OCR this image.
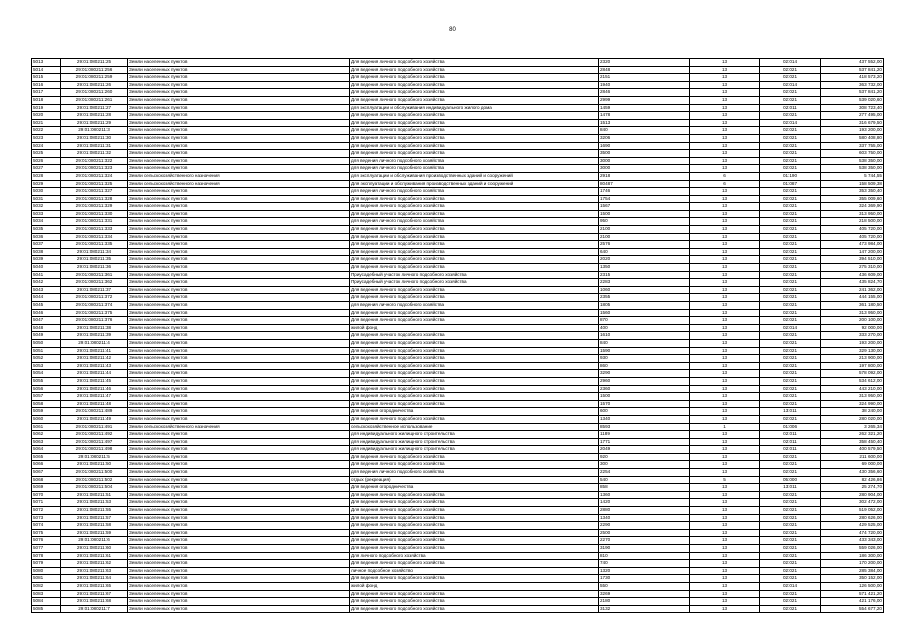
80
5013	29:01:080211:25	Земли населенных пунктов	Для ведения личного подсобного хозяйства	2320	13	02:014	437 552,00
5014	29:01:080211:256	Земли населенных пунктов	Для ведения личного подсобного хозяйства	2848	13	02:021	537 841,20
5015	29:01:080211:259	Земли населенных пунктов	Для ведения личного подсобного хозяйства	2151	13	02:021	418 573,20
5016	29:01:080211:26	Земли населенных пунктов	Для ведения личного подсобного хозяйства	1940	13	02:014	363 732,00
5017	29:01:080211:260	Земли населенных пунктов	Для ведения личного подсобного хозяйства	2846	13	02:021	537 841,20
5018	29:01:080211:261	Земли населенных пунктов	Для ведения личного подсобного хозяйства	2999	13	02:021	539 020,60
5019	29:01:080211:27	Земли населенных пунктов	для эксплуатации и обслуживания индивидуального жилого дома	1459	13	02:011	308 723,40
5020	29:01:080211:28	Земли населенных пунктов	Для ведения личного подсобного хозяйства	1478	13	02:021	277 495,00
5021	29:01:080211:29	Земли населенных пунктов	Для ведения личного подсобного хозяйства	1513	13	02:014	316 679,50
5022	29:01:080211:3	Земли населенных пунктов	Для ведения личного подсобного хозяйства	840	13	02:021	193 200,00
5023	29:01:080211:30	Земли населенных пунктов	Для ведения личного подсобного хозяйства	3206	13	02:021	580 408,80
5024	29:01:080211:31	Земли населенных пунктов	Для ведения личного подсобного хозяйства	1690	13	02:021	337 755,00
5025	29:01:080211:32	Земли населенных пунктов	Для ведения личного подсобного хозяйства	3500	13	02:021	603 750,00
5026	29:01:080211:322	Земли населенных пунктов	для ведения личного подсобного хозяйства	3000	13	02:021	538 350,00
5027	29:01:080211:323	Земли населенных пунктов	для ведения личного подсобного хозяйства	3000	13	02:021	538 350,00
5028	29:01:080211:324	Земли сельскохозяйственного назначения	для эксплуатации и обслуживания производственных зданий и сооружений	2918	6	01:190	5 744,55
5029	29:01:080211:325	Земли сельскохозяйственного назначения	Для эксплуатации и обслуживания производственных зданий и сооружений	80487	6	01:087	158 509,38
5030	29:01:080211:327	Земли населенных пунктов	для ведения личного подсобного хозяйства	1746	13	02:021	353 350,40
5031	29:01:080211:328	Земли населенных пунктов	Для ведения личного подсобного хозяйства	1754	13	02:021	355 009,60
5032	29:01:080211:329	Земли населенных пунктов	Для ведения личного подсобного хозяйства	1567	13	02:021	324 369,90
5033	29:01:080211:330	Земли населенных пунктов	Для ведения личного подсобного хозяйства	1500	13	02:021	313 950,00
5034	29:01:080211:331	Земли населенных пунктов	для ведения личного подсобного хозяйства	950	13	02:021	218 500,00
5035	29:01:080211:333	Земли населенных пунктов	Для ведения личного подсобного хозяйства	2100	13	02:021	405 720,00
5036	29:01:080211:334	Земли населенных пунктов	Для ведения личного подсобного хозяйства	2100	13	02:021	405 720,00
5037	29:01:080211:335	Земли населенных пунктов	Для ведения личного подсобного хозяйства	2576	13	02:021	473 984,00
5038	29:01:080211:34	Земли населенных пунктов	Для ведения личного подсобного хозяйства	640	13	02:021	147 200,00
5039	29:01:080211:35	Земли населенных пунктов	Для ведения личного подсобного хозяйства	2020	13	02:021	394 510,00
5040	29:01:080211:36	Земли населенных пунктов	Для ведения личного подсобного хозяйства	1350	13	02:021	275 310,00
5041	29:01:080211:361	Земли населенных пунктов	Приусадебный участок личного подсобного хозяйства	2315	13	02:021	436 609,00
5042	29:01:080211:362	Земли населенных пунктов	Приусадебный участок личного подсобного хозяйства	2283	13	02:021	435 824,70
5043	29:01:080211:37	Земли населенных пунктов	Для ведения личного подсобного хозяйства	1060	13	02:021	241 362,00
5044	29:01:080211:372	Земли населенных пунктов	Для ведения личного подсобного хозяйства	2355	13	02:021	444 155,00
5045	29:01:080211:374	Земли населенных пунктов	для ведения личного подсобного хозяйства	1805	13	02:021	361 180,50
5046	29:01:080211:375	Земли населенных пунктов	Для ведения личного подсобного хозяйства	1560	13	02:021	313 950,00
5047	29:01:080211:376	Земли населенных пунктов	Для ведения личного подсобного хозяйства	870	13	02:021	200 100,00
5048	29:01:080211:38	Земли населенных пунктов	жилой фонд	400	13	02:014	92 000,00
5049	29:01:080211:39	Земли населенных пунктов	Для ведения личного подсобного хозяйства	1610	13	02:021	333 270,00
5050	29:01:080211:4	Земли населенных пунктов	Для ведения личного подсобного хозяйства	840	13	02:021	193 200,00
5051	29:01:080211:41	Земли населенных пунктов	Для ведения личного подсобного хозяйства	1590	13	02:021	329 130,00
5052	29:01:080211:42	Земли населенных пунктов	Для ведения личного подсобного хозяйства	930	13	02:021	213 900,00
5053	29:01:080211:43	Земли населенных пунктов	Для ведения личного подсобного хозяйства	860	13	02:021	197 800,00
5054	29:01:080211:44	Земли населенных пунктов	Для ведения личного подсобного хозяйства	3290	13	02:021	578 092,00
5055	29:01:080211:45	Земли населенных пунктов	Для ведения личного подсобного хозяйства	2960	13	02:021	534 612,00
5056	29:01:080211:46	Земли населенных пунктов	Для ведения личного подсобного хозяйства	2360	13	02:021	443 210,00
5057	29:01:080211:47	Земли населенных пунктов	Для ведения личного подсобного хозяйства	1500	13	02:021	313 950,00
5058	29:01:080211:48	Земли населенных пунктов	Для ведения личного подсобного хозяйства	1570	13	02:021	324 990,00
5059	29:01:080211:489	Земли населенных пунктов	Для ведения огородничества	600	13	13:011	38 240,00
5060	29:01:080211:49	Земли населенных пунктов	Для ведения личного подсобного хозяйства	1340	13	02:021	280 020,00
5061	29:01:080211:491	Земли сельскохозяйственного назначения	сельскохозяйственное использование	8593	1	01:006	3 265,34
5062	29:01:080211:492	Земли населенных пунктов	для индивидуального жилищного строительства	1189	13	02:011	262 321,20
5063	29:01:080211:497	Земли населенных пунктов	для индивидуального жилищного строительства	1771	13	02:011	358 450,40
5064	29:01:080211:498	Земли населенных пунктов	для индивидуального жилищного строительства	2049	13	02:011	400 579,50
5065	29:01:080211:5	Земли населенных пунктов	Для ведения личного подсобного хозяйства	920	13	02:021	211 600,00
5066	29:01:080211:50	Земли населенных пунктов	Для ведения личного подсобного хозяйства	300	13	02:021	69 000,00
5067	29:01:080211:500	Земли населенных пунктов	для ведения личного подсобного хозяйства	2254	13	02:021	430 356,60
5068	29:01:080211:502	Земли населенных пунктов	отдых (рекреация)	540	5	05:000	82 426,86
5069	29:01:080211:504	Земли населенных пунктов	Для ведения огородничества	858	13	13:011	25 274,70
5070	29:01:080211:51	Земли населенных пунктов	Для ведения личного подсобного хозяйства	1360	13	02:021	280 904,00
5071	29:01:080211:53	Земли населенных пунктов	Для ведения личного подсобного хозяйства	1420	13	02:021	302 472,00
5072	29:01:080211:55	Земли населенных пунктов	Для ведения личного подсобного хозяйства	2880	13	02:021	519 052,00
5073	29:01:080211:57	Земли населенных пунктов	Для ведения личного подсобного хозяйства	1340	13	02:021	280 626,00
5074	29:01:080211:58	Земли населенных пунктов	Для ведения личного подсобного хозяйства	2290	13	02:021	429 525,00
5075	29:01:080211:59	Земли населенных пунктов	Для ведения личного подсобного хозяйства	2500	13	02:021	474 720,00
5076	29:01:080211:6	Земли населенных пунктов	Для ведения личного подсобного хозяйства	2270	13	02:021	433 343,00
5077	29:01:080211:60	Земли населенных пунктов	Для ведения личного подсобного хозяйства	3190	13	02:021	559 026,00
5078	29:01:080211:61	Земли населенных пунктов	Для личного подсобного хозяйства	810	13	02:021	186 300,00
5079	29:01:080211:62	Земли населенных пунктов	Для ведения личного подсобного хозяйства	740	13	02:021	170 200,00
5080	29:01:080211:63	Земли населенных пунктов	личное подсобное хозяйство	1320	13	02:021	285 384,00
5081	29:01:080211:64	Земли населенных пунктов	Для ведения личного подсобного хозяйства	1730	13	02:021	350 152,00
5082	29:01:080211:65	Земли населенных пунктов	жилой фонд	550	13	02:014	126 500,00
5083	29:01:080211:67	Земли населенных пунктов	Для ведения личного подсобного хозяйства	3269	13	02:021	571 421,20
5084	29:01:080211:68	Земли населенных пунктов	Для ведения личного подсобного хозяйства	2180	13	02:021	421 176,00
5085	29:01:080211:7	Земли населенных пунктов	Для ведения личного подсобного хозяйства	3132	13	02:021	554 677,20
